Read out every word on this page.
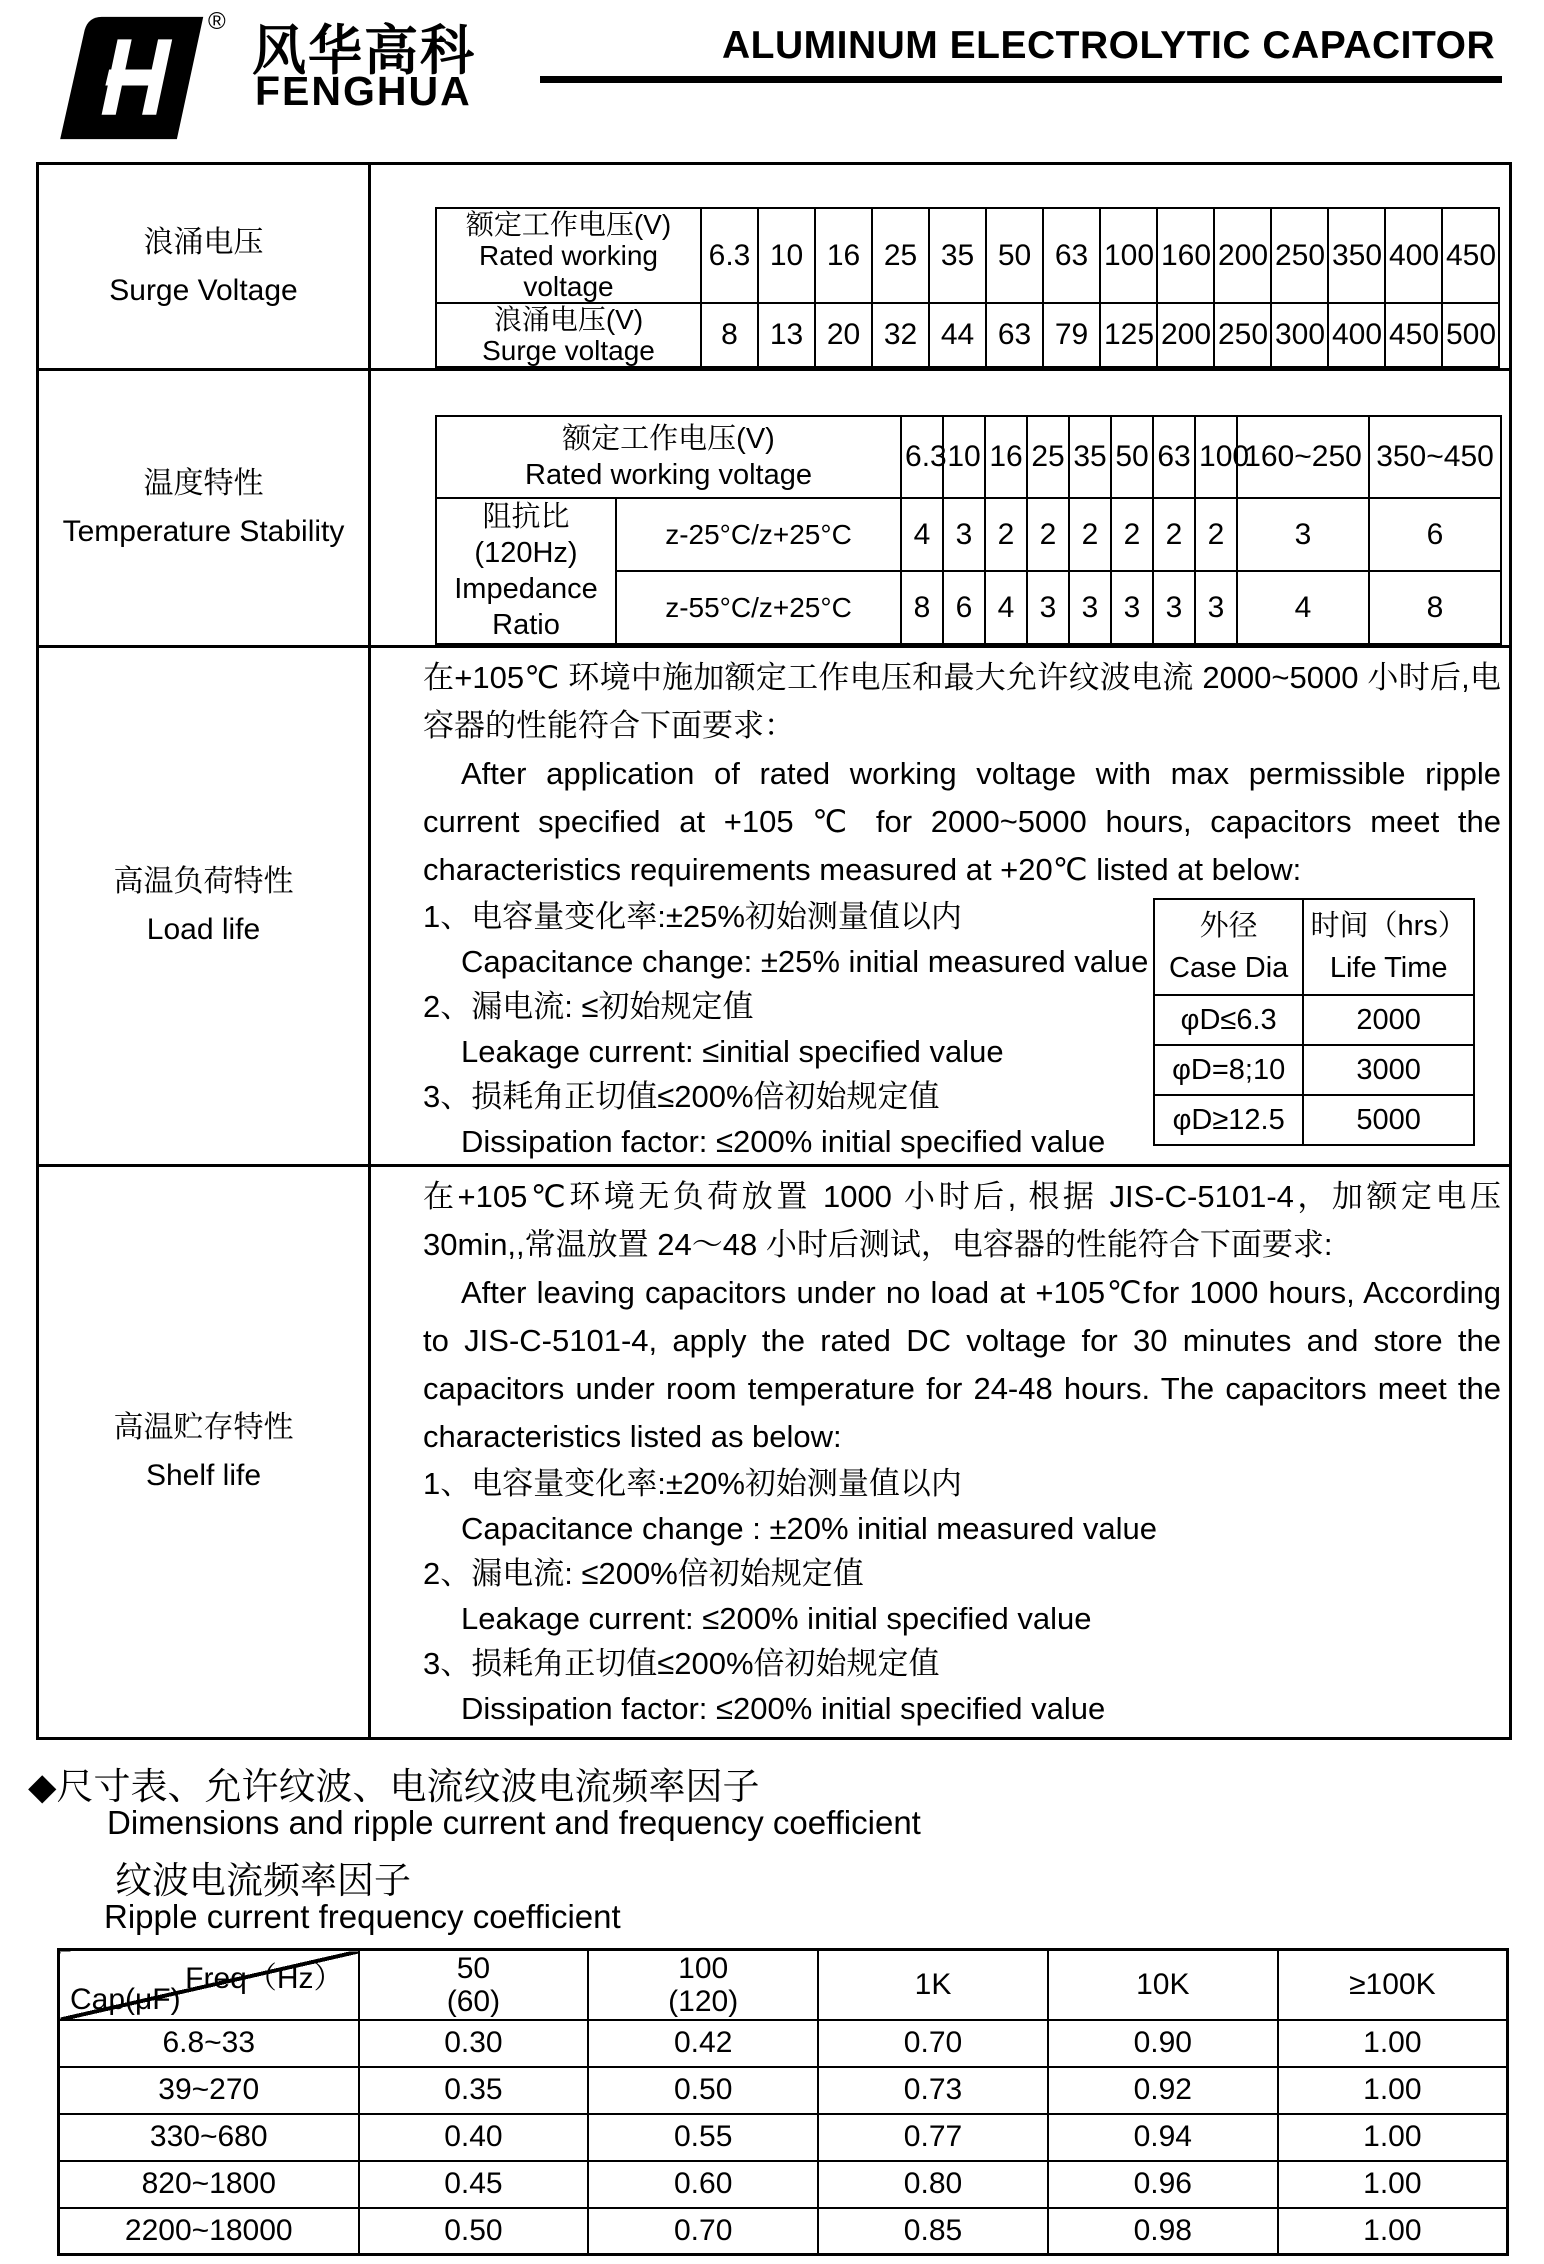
® 风华高科
FENGHUA
ALUMINUM ELECTROLYTIC CAPACITOR
浪涌电压
Surge Voltage

额定工作电压(V)
Rated working voltage
	6.3	10	16	25	35	50	63	100	160	200	250	350	400	450

浪涌电压(V)
Surge voltage	8	13	20	32	44	63	79	125	200	250	300	400	450	500

温度特性
Temperature Stability

额定工作电压(V)
Rated working voltage
	6.3	10	16	25	35	50	63	100	160~250	350~450

阻抗比(120Hz)
Impedance Ratio
	z-25°C/z+25°C	4	3	2	2	2	2	2	2	3	6
z-55°C/z+25°C	8	6	4	3	3	3	3	3	4	8

高温负荷特性
Load life

在+105℃ 环境中施加额定工作电压和最大允许纹波电流 2000~5000 小时后,电容器的性能符合下面要求：

After application of rated working voltage with max permissible ripple current specified at +105 ℃ for 2000~5000 hours, capacitors meet the characteristics requirements measured at +20℃ listed at below:

外径
Case Dia

时间（hrs）
Life Time

φD≤6.3	2000
φD=8;10	3000
φD≥12.5	5000
1、电容量变化率:±25%初始测量值以内
Capacitance change: ±25% initial measured value
2、漏电流: ≤初始规定值
Leakage current: ≤initial specified value
3、损耗角正切值≤200%倍初始规定值
Dissipation factor: ≤200% initial specified value

高温贮存特性
Shelf life

在+105℃环境无负荷放置 1000 小时后, 根据 JIS-C-5101-4，加额定电压 30min,,常温放置 24～48 小时后测试，电容器的性能符合下面要求:

After leaving capacitors under no load at +105℃for 1000 hours, According to JIS-C-5101-4, apply the rated DC voltage for 30 minutes and store the capacitors under room temperature for 24-48 hours. The capacitors meet the characteristics listed as below:

1、电容量变化率:±20%初始测量值以内
Capacitance change : ±20% initial measured value
2、漏电流: ≤200%倍初始规定值
Leakage current: ≤200% initial specified value
3、损耗角正切值≤200%倍初始规定值
Dissipation factor: ≤200% initial specified value
◆尺寸表、允许纹波、电流纹波电流频率因子
Dimensions and ripple current and frequency coefficient
纹波电流频率因子
Ripple current frequency coefficient
Freq（Hz）
Cap(μF)

50
(60)

100
(120)	1K	10K	≥100K

6.8~33	0.30	0.42	0.70	0.90	1.00
39~270	0.35	0.50	0.73	0.92	1.00
330~680	0.40	0.55	0.77	0.94	1.00
820~1800	0.45	0.60	0.80	0.96	1.00
2200~18000	0.50	0.70	0.85	0.98	1.00
